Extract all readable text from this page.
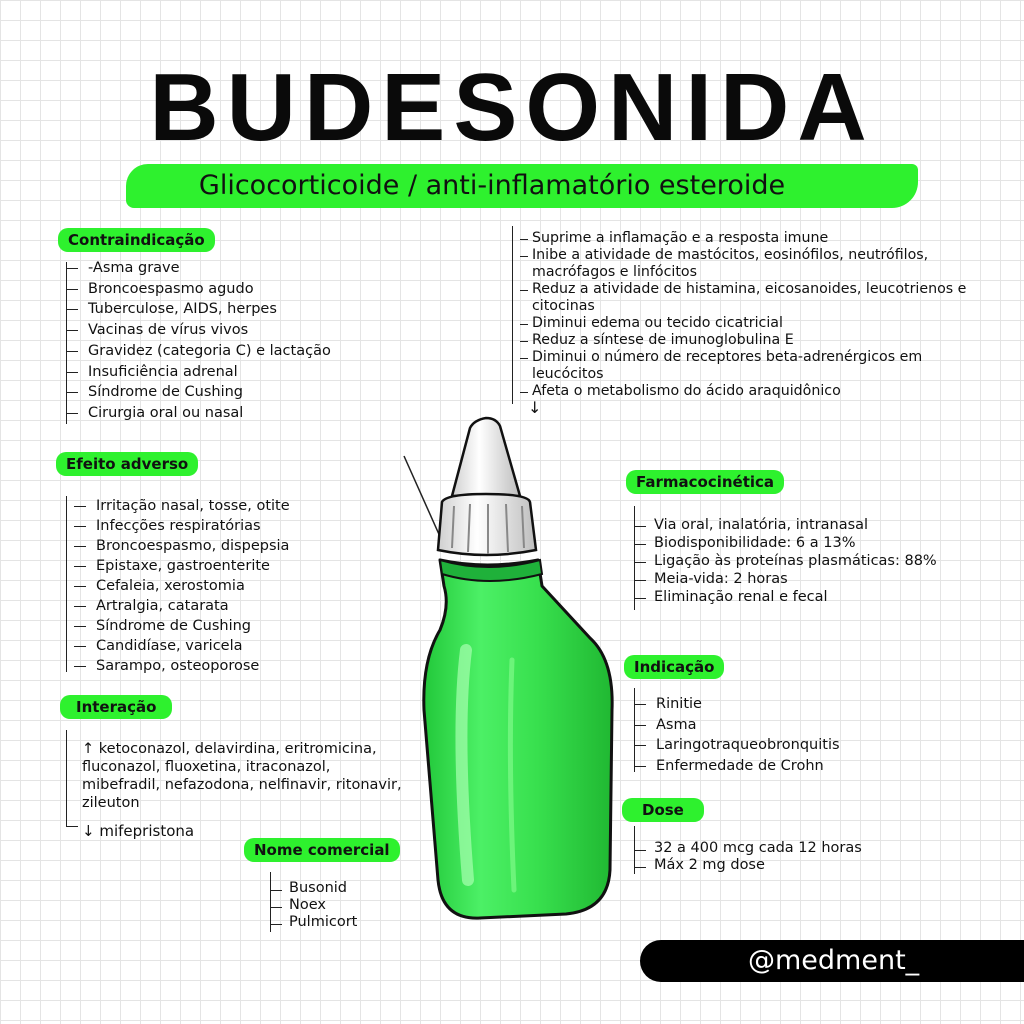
BUDESONIDA
Glicocorticoide / anti-inflamatório esteroide
Contraindicação
-Asma grave
Broncoespasmo agudo
Tuberculose, AIDS, herpes
Vacinas de vírus vivos
Gravidez (categoria C) e lactação
Insuficiência adrenal
Síndrome de Cushing
Cirurgia oral ou nasal
Suprime a inflamação e a resposta imune
Inibe a atividade de mastócitos, eosinófilos, neutrófilos, macrófagos e linfócitos
Reduz a atividade de histamina, eicosanoides, leucotrienos e citocinas
Diminui edema ou tecido cicatricial
Reduz a síntese de imunoglobulina E
Diminui o número de receptores beta-adrenérgicos em leucócitos
Afeta o metabolismo do ácido araquidônico
↓
Efeito adverso
Irritação nasal, tosse, otite
Infecções respiratórias
Broncoespasmo, dispepsia
Epistaxe, gastroenterite
Cefaleia, xerostomia
Artralgia, catarata
Síndrome de Cushing
Candidíase, varicela
Sarampo, osteoporose
Interação
↑ ketoconazol, delavirdina, eritromicina, fluconazol, fluoxetina, itraconazol, mibefradil, nefazodona, nelfinavir, ritonavir, zileuton
↓ mifepristona
Nome comercial
Busonid
Noex
Pulmicort
Farmacocinética
Via oral, inalatória, intranasal
Biodisponibilidade: 6 a 13%
Ligação às proteínas plasmáticas: 88%
Meia-vida: 2 horas
Eliminação renal e fecal
Indicação
Rinitie
Asma
Laringotraqueobronquitis
Enfermedade de Crohn
Dose
32 a 400 mcg cada 12 horas
Máx 2 mg dose
@medment_
